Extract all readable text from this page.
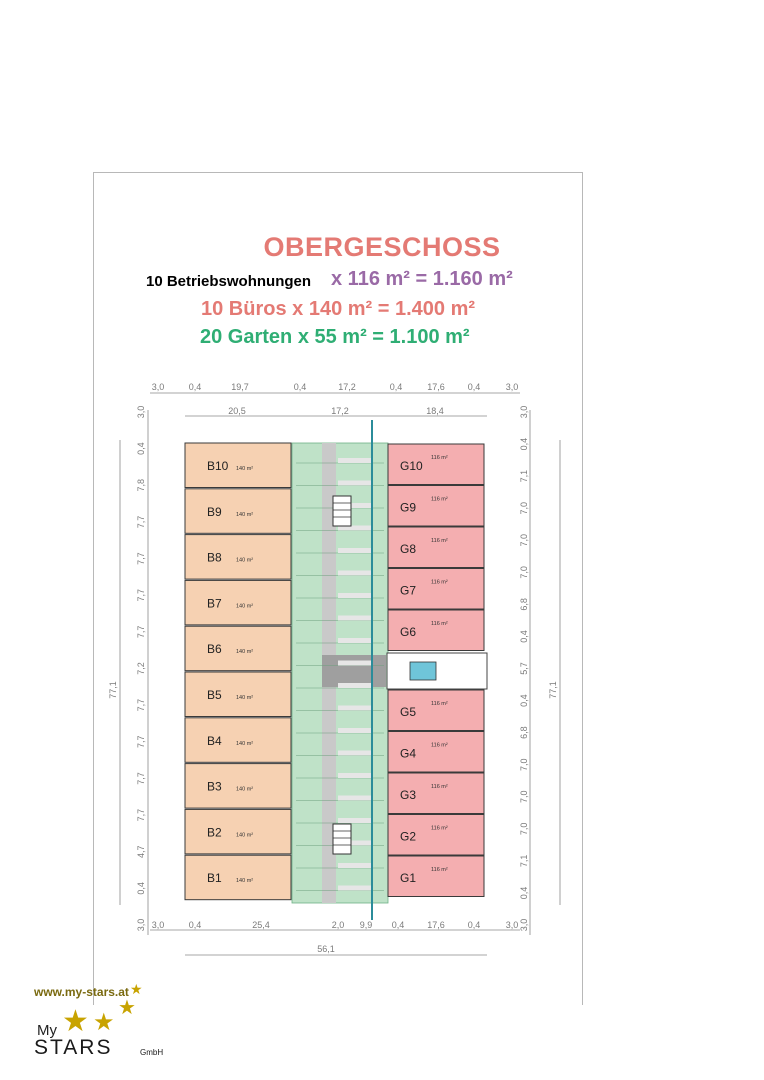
OBERGESCHOSS
10 Betriebswohnungen x 116 m² = 1.160 m²
10 Büros x 140 m² = 1.400 m²
20 Garten x 55 m² = 1.100 m²
3,0	0,4	19,7	0,4	17,2	0,4	17,6	0,4	3,0
20,5	17,2	18,4
3,0	0,4	25,4	2,0 9,9 0,4	17,6	0,4	3,0
56,1
3,0
0,4
7,8
7,7
7,7
7,7
7,7
7,2
7,7
7,7
7,7
7,7
4,7
0,4
3,0
77,1
3,0
0,4
7,1
7,0
7,0
7,0
6,8
0,4
5,7
0,4
6,8
7,0
7,0
7,0
7,1
0,4
3,0
77,1
B10 140 m²
B9	140 m²
B8	140 m²
B7	140 m²
B6	140 m²
B5	140 m²
B4	140 m²
B3	140 m²
B2	140 m²
B1	140 m²
G10
116 m²
G9
116 m²
G8
116 m²
G7
116 m²
G6
116 m²
G5
116 m²
G4
116 m²
G3
116 m²
G2
116 m²
G1
116 m²
www.my-stars.at ★
★ ★
★
My
STARS	GmbH
